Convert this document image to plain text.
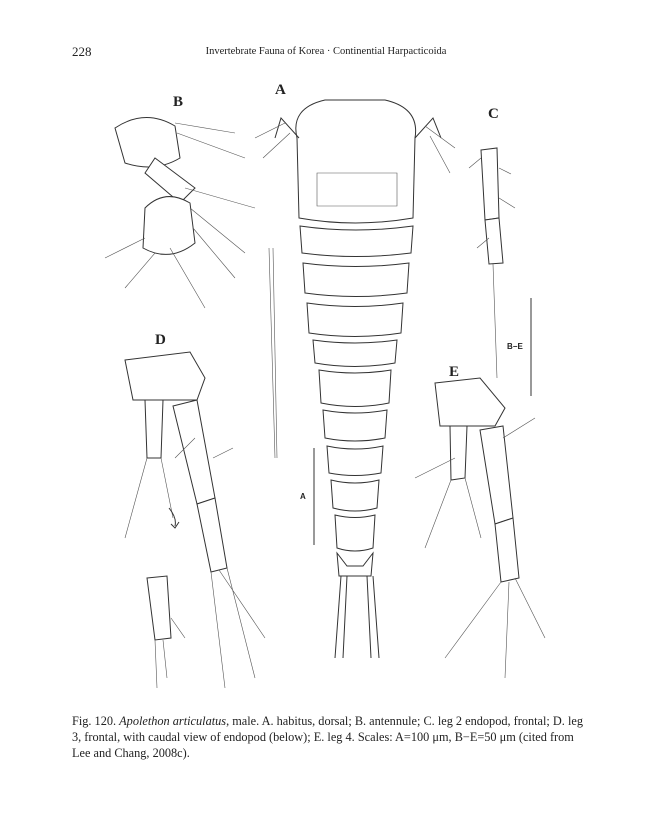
228	Invertebrate Fauna of Korea · Continential Harpacticoida
B
A
C
D
E
B−E
A
Fig. 120. Apolethon articulatus, male. A. habitus, dorsal; B. antennule; C. leg 2 endopod, frontal; D. leg 3, frontal, with caudal view of endopod (below); E. leg 4. Scales: A=100 μm, B−E=50 μm (cited from Lee and Chang, 2008c).
